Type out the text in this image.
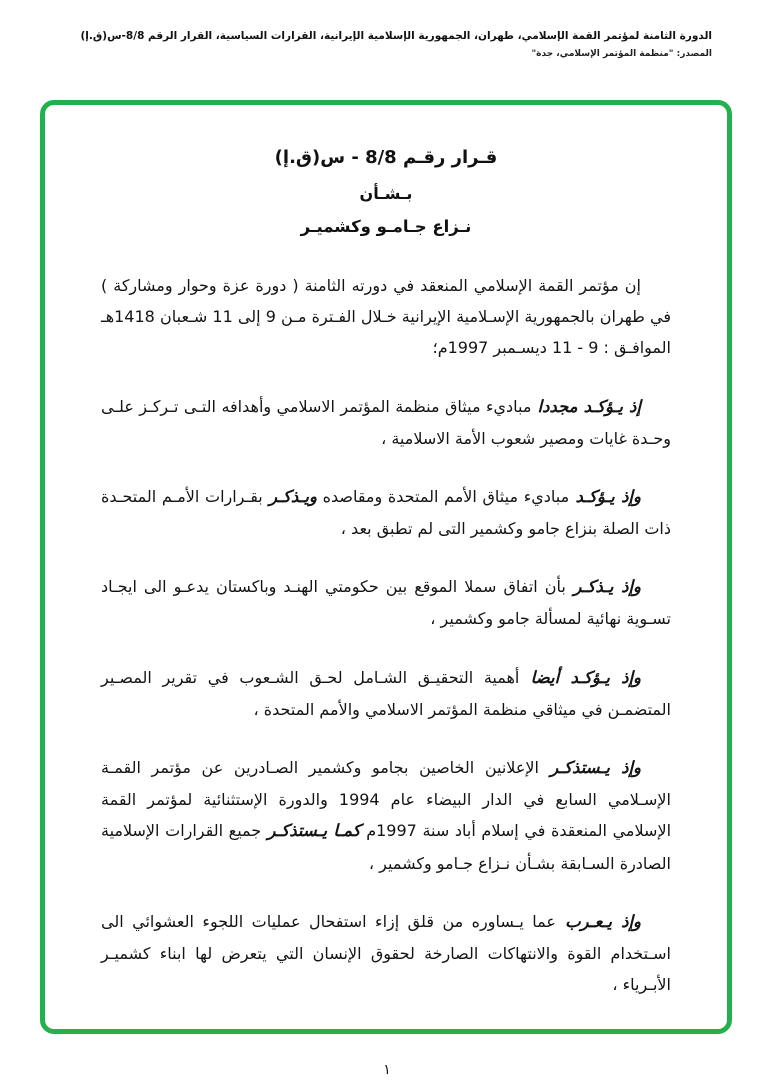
الدورة الثامنة لمؤتمر القمة الإسلامي، طهران، الجمهورية الإسلامية الإيرانية، القرارات السياسية، القرار الرقم 8/8-س(ق.إ)
المصدر: "منظمة المؤتمر الإسلامي، جدة"
قـرار رقـم 8/8 - س(ق.إ)
بـشـأن
نـزاع جـامـو وكشميـر

إن مؤتمر القمة الإسلامي المنعقد في دورته الثامنة ( دورة عزة وحوار ومشاركة ) في طهران بالجمهورية الإسـلامية الإيرانية خـلال الفـترة مـن 9 إلى 11 شـعبان 1418هـ الموافـق : 9 - 11 ديسـمبر 1997م؛

إذ يـؤكـد مجددا مباديء ميثاق منظمة المؤتمر الاسلامي وأهدافه التـى تـركـز علـى وحـدة غايات ومصير شعوب الأمة الاسلامية ،

وإذ يـؤكـد مباديء ميثاق الأمم المتحدة ومقاصده ويـذكـر بقـرارات الأمـم المتحـدة ذات الصلة بنزاع جامو وكشمير التى لم تطبق بعد ،

وإذ يـذكـر بأن اتفاق سملا الموقع بين حكومتي الهنـد وباكستان يدعـو الى ايجـاد تسـوية نهائية لمسألة جامو وكشمير ،

وإذ يـؤكـد أيضا أهمية التحقيـق الشـامل لحـق الشـعوب في تقرير المصـير المتضمـن في ميثاقي منظمة المؤتمر الاسلامي والأمم المتحدة ،

وإذ يـستذكـر الإعلانين الخاصين بجامو وكشمير الصـادرين عن مؤتمر القمـة الإسـلامي السابع في الدار البيضاء عام 1994 والدورة الإستثنائية لمؤتمر القمة الإسلامي المنعقدة في إسلام أباد سنة 1997م كمـا يـستذكـر جميع القرارات الإسلامية الصادرة السـابقة بشـأن نـزاع جـامو وكشمير ،

وإذ يـعـرب عما يـساوره من قلق إزاء استفحال عمليات اللجوء العشوائي الى اسـتخدام القوة والانتهاكات الصارخة لحقوق الإنسان التي يتعرض لها ابناء كشميـر الأبـرياء ،

١
